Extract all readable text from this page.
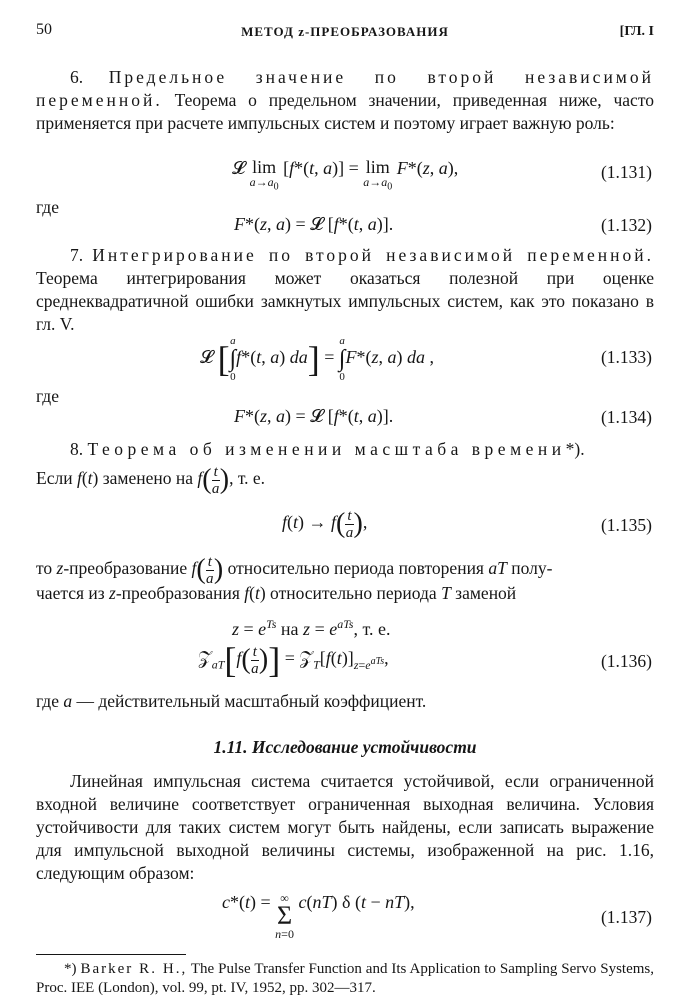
50	МЕТОД z-ПРЕОБРАЗОВАНИЯ	[ГЛ. I
6. Предельное значение по второй независимой переменной. Теорема о предельном значении, приведенная ниже, часто применяется при расчете импульсных систем и поэтому играет важную роль:
𝓛 lim
$a\to a_0$
[f*(t, a)] = lim
$a\to a_0$
F*(z, a),	(1.131)
где
F*(z, a) = 𝓛 [f*(t, a)].	(1.132)
7. Интегрирование по второй независимой переменной. Теорема интегрирования может оказаться полезной при оценке среднеквадратичной ошибки замкнутых импульсных систем, как это показано в гл. V.
𝓛 [ a
∫
0
f*(t, a) da] =
a
∫
0
F*(z, a) da ,	(1.133)
где
F*(z, a) = 𝓛 [f*(t, a)].	(1.134)
8. Теорема об изменении масштаба времени*).
Если f(t) заменено на $f( \frac{t}{a}$ ), т. е.
$f(t) \to f( \frac{t}{a}$ ),	(1.135)
то z-преобразование $f( \frac{t}{a}$ ) относительно периода повторения aT полу-
чается из z-преобразования f(t) относительно периода T заменой
$z = e^{Ts}$ на $z = e^{aTs}$, т. е.
𝒵$_{aT}$[f( $\frac{t}{a}$ )] = $𝒵_T[f(t)]_{z=e^{aTs}}$,	(1.136)
где a — действительный масштабный коэффициент.
1.11. Исследование устойчивости
Линейная импульсная система считается устойчивой, если ограниченной входной величине соответствует ограниченная выходная величина. Условия устойчивости для таких систем могут быть найдены, если записать выражение для импульсной выходной величины системы, изображенной на рис. 1.16, следующим образом:
c*(t) = ∞
Σ
n=0
c(nT) δ (t − nT),
(1.137)
*) Barker R. H., The Pulse Transfer Function and Its Application to Sampling Servo Systems, Proc. IEE (London), vol. 99, pt. IV, 1952, pp. 302—317.
